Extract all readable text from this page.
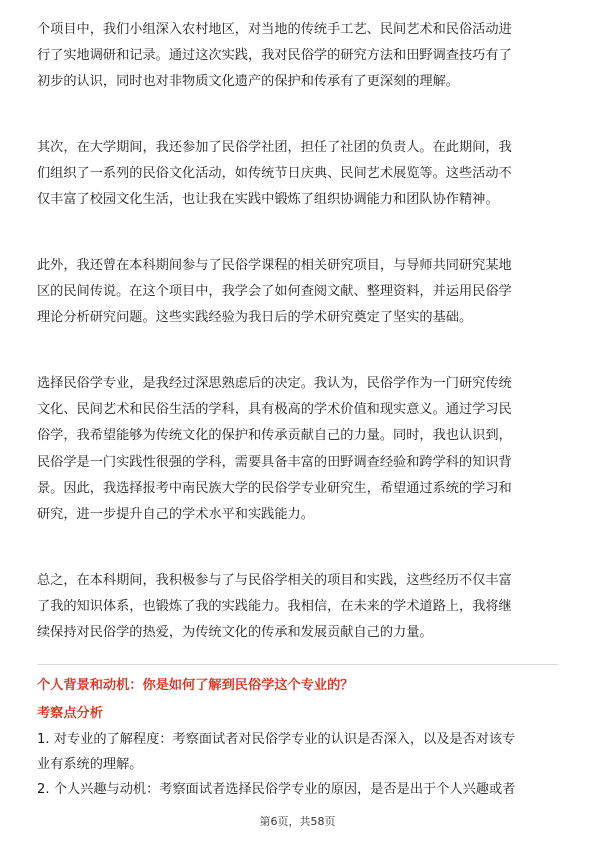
个项目中，我们小组深入农村地区，对当地的传统手工艺、民间艺术和民俗活动进
行了实地调研和记录。通过这次实践，我对民俗学的研究方法和田野调查技巧有了
初步的认识，同时也对非物质文化遗产的保护和传承有了更深刻的理解。
其次，在大学期间，我还参加了民俗学社团，担任了社团的负责人。在此期间，我
们组织了一系列的民俗文化活动，如传统节日庆典、民间艺术展览等。这些活动不
仅丰富了校园文化生活，也让我在实践中锻炼了组织协调能力和团队协作精神。
此外，我还曾在本科期间参与了民俗学课程的相关研究项目，与导师共同研究某地
区的民间传说。在这个项目中，我学会了如何查阅文献、整理资料，并运用民俗学
理论分析研究问题。这些实践经验为我日后的学术研究奠定了坚实的基础。
选择民俗学专业，是我经过深思熟虑后的决定。我认为，民俗学作为一门研究传统
文化、民间艺术和民俗生活的学科，具有极高的学术价值和现实意义。通过学习民
俗学，我希望能够为传统文化的保护和传承贡献自己的力量。同时，我也认识到，
民俗学是一门实践性很强的学科，需要具备丰富的田野调查经验和跨学科的知识背
景。因此，我选择报考中南民族大学的民俗学专业研究生，希望通过系统的学习和
研究，进一步提升自己的学术水平和实践能力。
总之，在本科期间，我积极参与了与民俗学相关的项目和实践，这些经历不仅丰富
了我的知识体系，也锻炼了我的实践能力。我相信，在未来的学术道路上，我将继
续保持对民俗学的热爱，为传统文化的传承和发展贡献自己的力量。
个人背景和动机：你是如何了解到民俗学这个专业的？
考察点分析
1. 对专业的了解程度：考察面试者对民俗学专业的认识是否深入，以及是否对该专
业有系统的理解。
2. 个人兴趣与动机：考察面试者选择民俗学专业的原因，是否是出于个人兴趣或者
第6页，共58页
